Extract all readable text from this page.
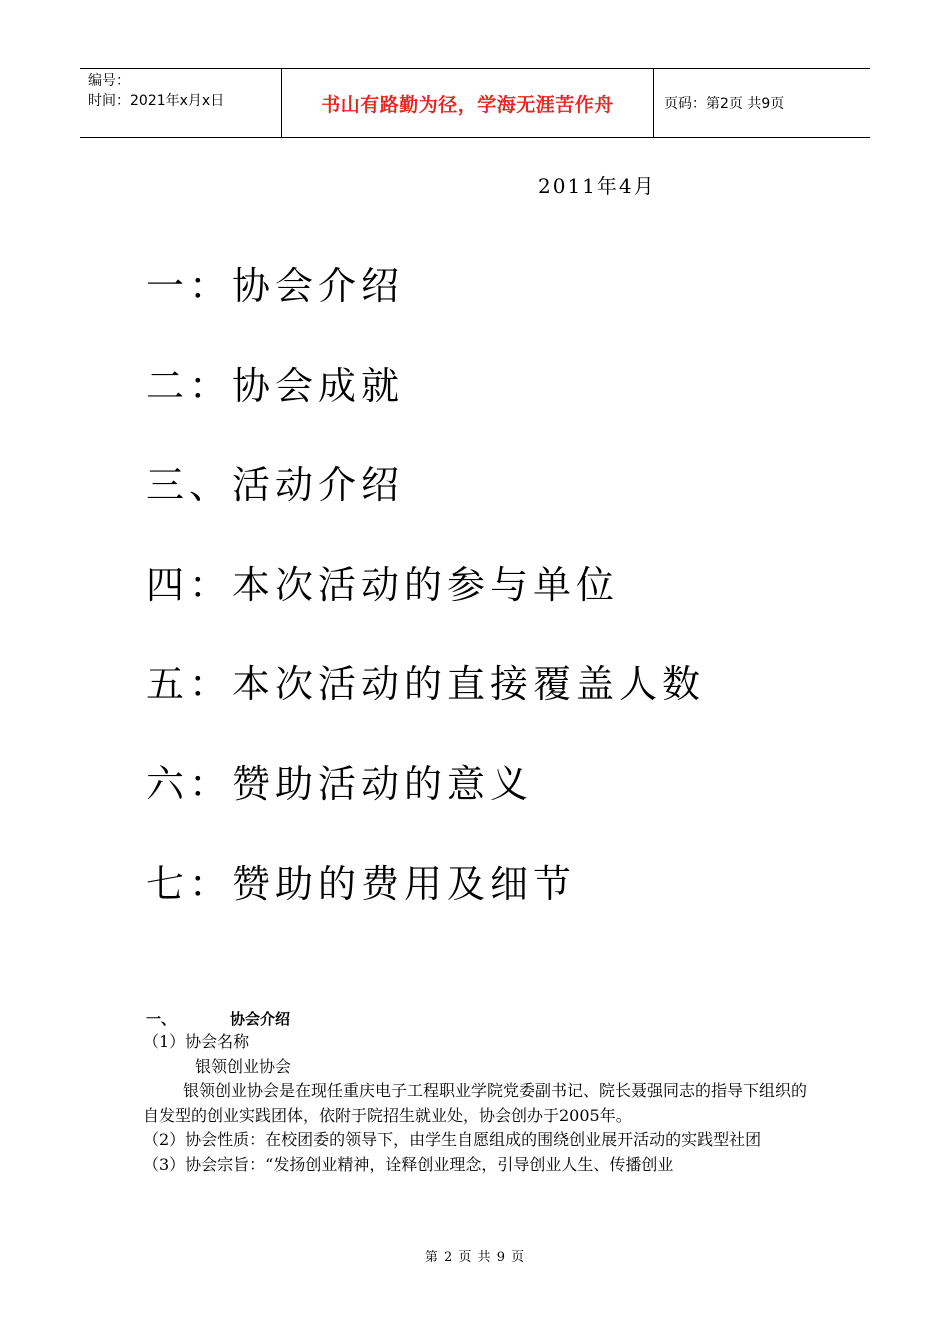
编号：
时间：2021年x月x日	书山有路勤为径，学海无涯苦作舟	页码：第2页 共9页
2011年4月
一：协会介绍
二：协会成就
三、活动介绍
四：本次活动的参与单位
五：本次活动的直接覆盖人数
六：赞助活动的意义
七：赞助的费用及细节
一、	协会介绍

（1）协会名称

银领创业协会

银领创业协会是在现任重庆电子工程职业学院党委副书记、院长聂强同志的指导下组织的自发型的创业实践团体，依附于院招生就业处，协会创办于2005年。

（2）协会性质：在校团委的领导下，由学生自愿组成的围绕创业展开活动的实践型社团

（3）协会宗旨：“发扬创业精神，诠释创业理念，引导创业人生、传播创业

第 2 页 共 9 页
